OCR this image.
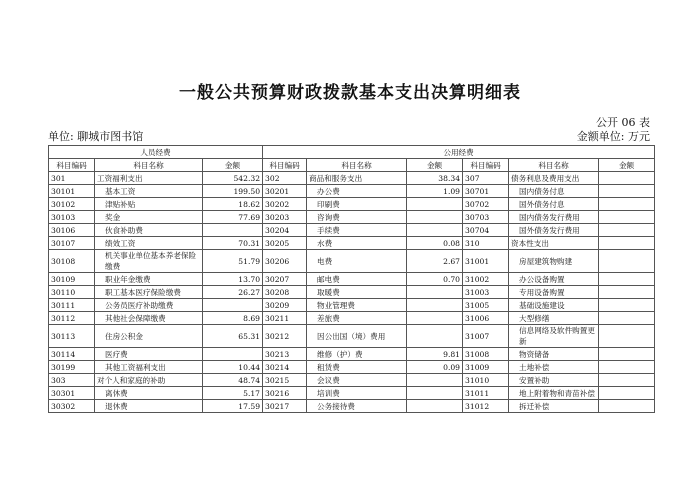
一般公共预算财政拨款基本支出决算明细表
公开 06 表
单位: 聊城市图书馆	金额单位: 万元
人员经费			公用经费					
科目编码	科目名称	金额	科目编码	科目名称	金额	科目编码	科目名称	金额
301	工资福利支出	542.32	302	商品和服务支出	38.34	307	债务利息及费用支出	
30101	基本工资	199.50	30201	办公费	1.09	30701	国内债务付息	
30102	津贴补贴	18.62	30202	印刷费		30702	国外债务付息	
30103	奖金	77.69	30203	咨询费		30703	国内债务发行费用	
30106	伙食补助费		30204	手续费		30704	国外债务发行费用	
30107	绩效工资	70.31	30205	水费	0.08	310	资本性支出	
30108	机关事业单位基本养老保险缴费	51.79	30206	电费	2.67	31001	房屋建筑物购建	
30109	职业年金缴费	13.70	30207	邮电费	0.70	31002	办公设备购置	
30110	职工基本医疗保险缴费	26.27	30208	取暖费		31003	专用设备购置	
30111	公务员医疗补助缴费		30209	物业管理费		31005	基础设施建设	
30112	其他社会保障缴费	8.69	30211	差旅费		31006	大型修缮	
30113	住房公积金	65.31	30212	因公出国（境）费用		31007	信息网络及软件购置更新	
30114	医疗费		30213	维修（护）费	9.81	31008	物资储备	
30199	其他工资福利支出	10.44	30214	租赁费	0.09	31009	土地补偿	
303	对个人和家庭的补助	48.74	30215	会议费		31010	安置补助	
30301	离休费	5.17	30216	培训费		31011	地上附着物和青苗补偿	
30302	退休费	17.59	30217	公务接待费		31012	拆迁补偿	
